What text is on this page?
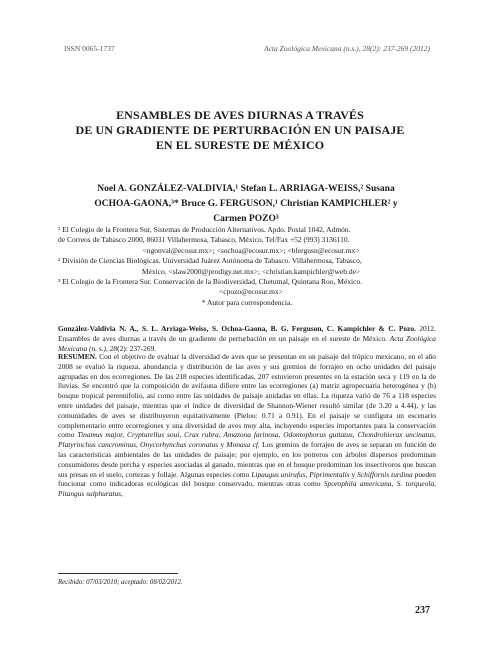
ISSN 0065-1737	Acta Zoológica Mexicana (n.s.), 28(2): 237-269 (2012)
ENSAMBLES DE AVES DIURNAS A TRAVÉS
DE UN GRADIENTE DE PERTURBACIÓN EN UN PAISAJE
EN EL SURESTE DE MÉXICO
Noel A. GONZÁLEZ-VALDIVIA,¹ Stefan L. ARRIAGA-WEISS,² Susana
OCHOA-GAONA,³* Bruce G. FERGUSON,¹ Christian KAMPICHLER² y
Carmen POZO³
¹ El Colegio de la Frontera Sur, Sistemas de Producción Alternativos. Apdo. Postal 1042, Admón.
de Correos de Tabasco 2000, 86031 Villahermosa, Tabasco, México. Tel/Fax +52 (993) 3136110.
<ngonval@ecosur.mx>; <sochoa@ecosur.mx>; <bfergusn@ecosur.mx>
² División de Ciencias Biológicas. Universidad Juárez Autónoma de Tabasco. Villahermosa, Tabasco,
México. <slaw2000@prodigy.net.mx>; <christian.kampichler@web.de>
³ El Colegio de la Frontera Sur. Conservación de la Biodiversidad, Chetumal, Quintana Roo, México.
<cpozo@ecosur.mx>
* Autor para correspondencia.
González-Valdivia N. A., S. L. Arriaga-Weiss, S. Ochoa-Gaona, B. G. Ferguson, C. Kampichler & C. Pozo. 2012. Ensambles de aves diurnas a través de un gradiente de perturbación en un paisaje en el sureste de México. Acta Zoológica Mexicana (n. s.), 28(2): 237-269.
RESUMEN. Con el objetivo de evaluar la diversidad de aves que se presentan en un paisaje del trópico mexicano, en el año 2008 se evaluó la riqueza, abundancia y distribución de las aves y sus gremios de forrajeo en ocho unidades del paisaje agrupadas en dos ecorregiones. De las 218 especies identificadas, 207 estuvieron presentes en la estación seca y 119 en la de lluvias. Se encontró que la composición de avifauna difiere entre las ecorregiones (a) matriz agropecuaria heterogénea y (b) bosque tropical perennifolio, así como entre las unidades de paisaje anidadas en ellas. La riqueza varió de 76 a 118 especies entre unidades del paisaje, mientras que el índice de diversidad de Shannon-Wiener resultó similar (de 3.20 a 4.44), y las comunidades de aves se distribuyeron equitativamente (Pielou: 0.71 a 0.91). En el paisaje se configura un escenario complementario entre ecorregiones y una diversidad de aves muy alta, incluyendo especies importantes para la conservación como Tinamus major, Crypturellus soui, Crax rubra, Amazona farinosa, Odontophorus guttatus, Chondrohierax uncinatus, Platyrinchus cancrominus, Onycorhynchus coronatus y Monasa cf. Los gremios de forrajeo de aves se separan en función de las características ambientales de las unidades de paisaje; por ejemplo, en los potreros con árboles dispersos predominan consumidores desde percha y especies asociadas al ganado, mientras que en el bosque predominan los insectívoros que buscan sus presas en el suelo, cortezas y follaje. Algunas especies como Lipaugus unirufus, Piprimentalis y Schiffornis turdina pueden funcionar como indicadoras ecológicas del bosque conservado, mientras otras como Sporophila americana, S. torqueola, Pitangus sulphuratus,
Recibido: 07/03/2010; aceptado: 08/02/2012.
237
